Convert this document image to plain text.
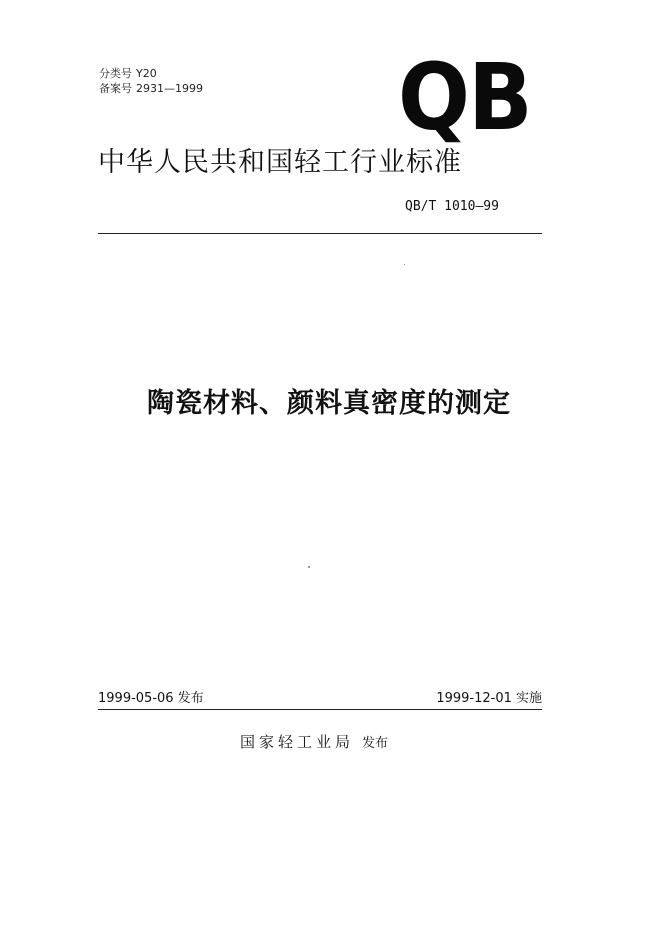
分类号 Y20
备案号 2931—1999 QB
中华人民共和国轻工行业标准
QB/T 1010—99
陶瓷材料、颜料真密度的测定
1999-05-06 发布	1999-12-01 实施
国家轻工业局 发布
